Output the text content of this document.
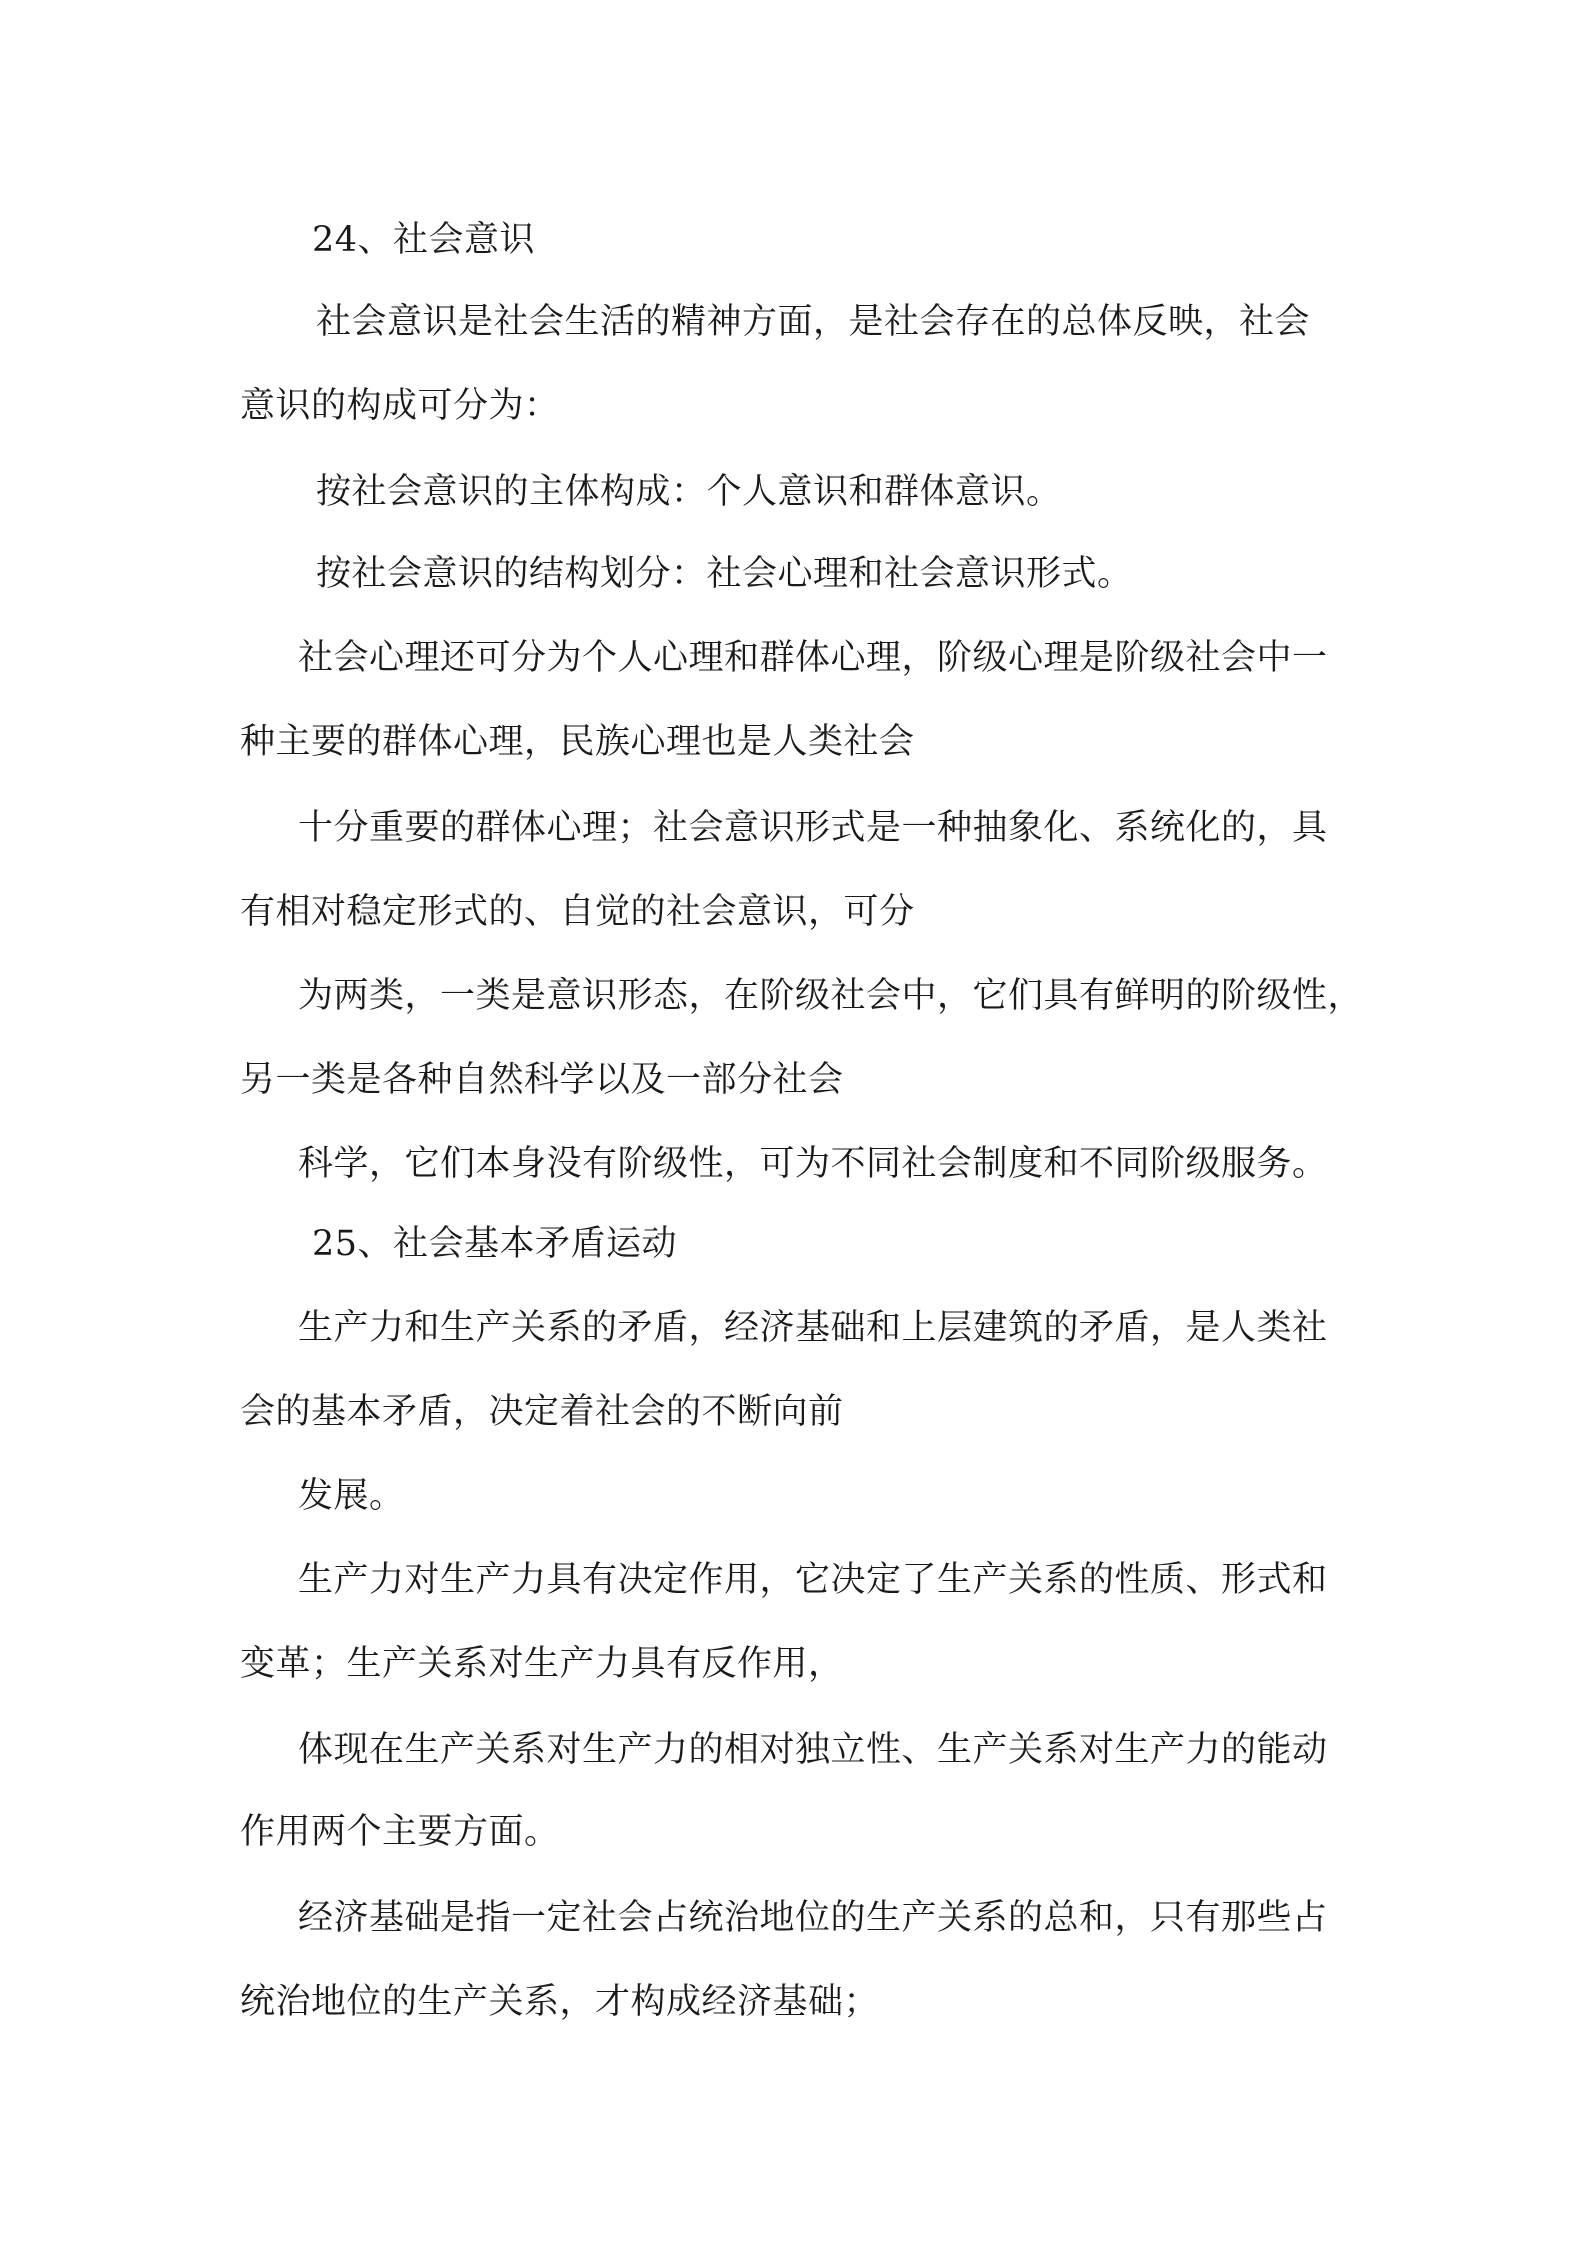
24、社会意识
社会意识是社会生活的精神方面，是社会存在的总体反映，社会
意识的构成可分为：
按社会意识的主体构成：个人意识和群体意识。
按社会意识的结构划分：社会心理和社会意识形式。
社会心理还可分为个人心理和群体心理，阶级心理是阶级社会中一
种主要的群体心理，民族心理也是人类社会
十分重要的群体心理；社会意识形式是一种抽象化、系统化的，具
有相对稳定形式的、自觉的社会意识，可分
为两类，一类是意识形态，在阶级社会中，它们具有鲜明的阶级性，
另一类是各种自然科学以及一部分社会
科学，它们本身没有阶级性，可为不同社会制度和不同阶级服务。
25、社会基本矛盾运动
生产力和生产关系的矛盾，经济基础和上层建筑的矛盾，是人类社
会的基本矛盾，决定着社会的不断向前
发展。
生产力对生产力具有决定作用，它决定了生产关系的性质、形式和
变革；生产关系对生产力具有反作用，
体现在生产关系对生产力的相对独立性、生产关系对生产力的能动
作用两个主要方面。
经济基础是指一定社会占统治地位的生产关系的总和，只有那些占
统治地位的生产关系，才构成经济基础；
